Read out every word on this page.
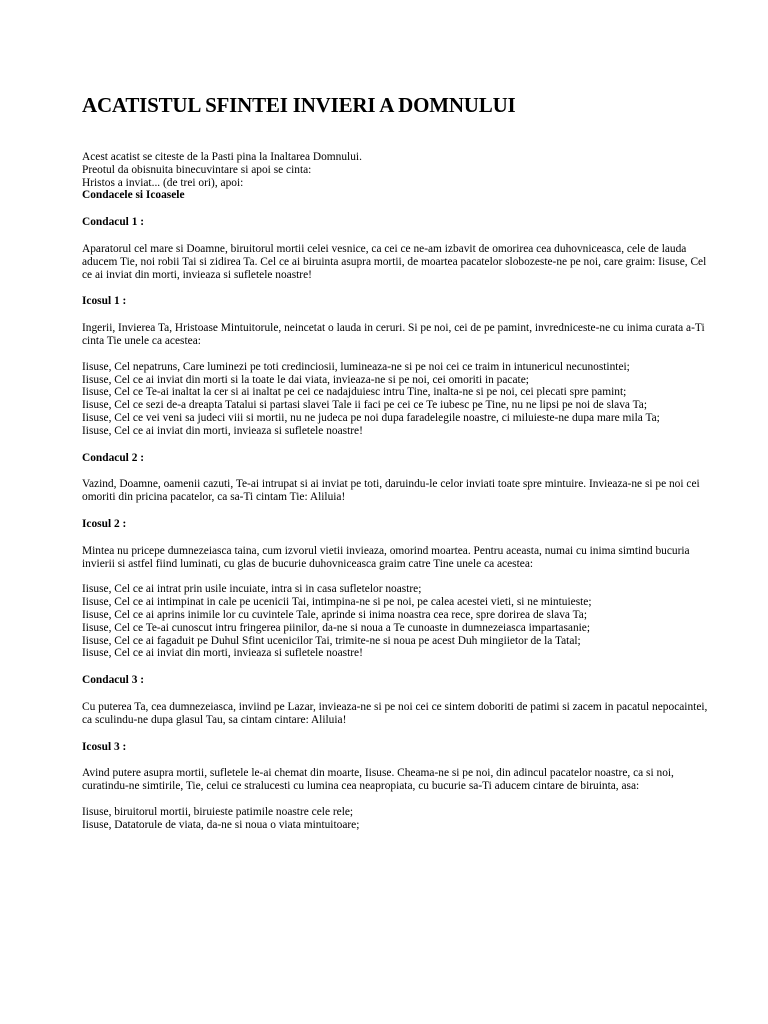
ACATISTUL SFINTEI INVIERI A DOMNULUI
Acest acatist se citeste de la Pasti pina la Inaltarea Domnului.
Preotul da obisnuita binecuvintare si apoi se cinta:
Hristos a inviat... (de trei ori), apoi:
Condacele si Icoasele
Condacul 1 :

Aparatorul cel mare si Doamne, biruitorul mortii celei vesnice, ca cei ce ne-am izbavit de omorirea cea duhovniceasca, cele de lauda aducem Tie, noi robii Tai si zidirea Ta. Cel ce ai biruinta asupra mortii, de moartea pacatelor slobozeste-ne pe noi, care graim: Iisuse, Cel ce ai inviat din morti, invieaza si sufletele noastre!

Icosul 1 :

Ingerii, Invierea Ta, Hristoase Mintuitorule, neincetat o lauda in ceruri. Si pe noi, cei de pe pamint, invredniceste-ne cu inima curata a-Ti cinta Tie unele ca acestea:

Iisuse, Cel nepatruns, Care luminezi pe toti credinciosii, lumineaza-ne si pe noi cei ce traim in intunericul necunostintei;
Iisuse, Cel ce ai inviat din morti si la toate le dai viata, invieaza-ne si pe noi, cei omoriti in pacate;
Iisuse, Cel ce Te-ai inaltat la cer si ai inaltat pe cei ce nadajduiesc intru Tine, inalta-ne si pe noi, cei plecati spre pamint;
Iisuse, Cel ce sezi de-a dreapta Tatalui si partasi slavei Tale ii faci pe cei ce Te iubesc pe Tine, nu ne lipsi pe noi de slava Ta;
Iisuse, Cel ce vei veni sa judeci viii si mortii, nu ne judeca pe noi dupa faradelegile noastre, ci miluieste-ne dupa mare mila Ta;
Iisuse, Cel ce ai inviat din morti, invieaza si sufletele noastre!
Condacul 2 :

Vazind, Doamne, oamenii cazuti, Te-ai intrupat si ai inviat pe toti, daruindu-le celor inviati toate spre mintuire. Invieaza-ne si pe noi cei omoriti din pricina pacatelor, ca sa-Ti cintam Tie: Aliluia!

Icosul 2 :

Mintea nu pricepe dumnezeiasca taina, cum izvorul vietii invieaza, omorind moartea. Pentru aceasta, numai cu inima simtind bucuria invierii si astfel fiind luminati, cu glas de bucurie duhovniceasca graim catre Tine unele ca acestea:

Iisuse, Cel ce ai intrat prin usile incuiate, intra si in casa sufletelor noastre;
Iisuse, Cel ce ai intimpinat in cale pe ucenicii Tai, intimpina-ne si pe noi, pe calea acestei vieti, si ne mintuieste;
Iisuse, Cel ce ai aprins inimile lor cu cuvintele Tale, aprinde si inima noastra cea rece, spre dorirea de slava Ta;
Iisuse, Cel ce Te-ai cunoscut intru fringerea piinilor, da-ne si noua a Te cunoaste in dumnezeiasca impartasanie;
Iisuse, Cel ce ai fagaduit pe Duhul Sfint ucenicilor Tai, trimite-ne si noua pe acest Duh mingiietor de la Tatal;
Iisuse, Cel ce ai inviat din morti, invieaza si sufletele noastre!
Condacul 3 :

Cu puterea Ta, cea dumnezeiasca, inviind pe Lazar, invieaza-ne si pe noi cei ce sintem doboriti de patimi si zacem in pacatul nepocaintei, ca sculindu-ne dupa glasul Tau, sa cintam cintare: Aliluia!

Icosul 3 :

Avind putere asupra mortii, sufletele le-ai chemat din moarte, Iisuse. Cheama-ne si pe noi, din adincul pacatelor noastre, ca si noi, curatindu-ne simtirile, Tie, celui ce stralucesti cu lumina cea neapropiata, cu bucurie sa-Ti aducem cintare de biruinta, asa:

Iisuse, biruitorul mortii, biruieste patimile noastre cele rele;
Iisuse, Datatorule de viata, da-ne si noua o viata mintuitoare;
